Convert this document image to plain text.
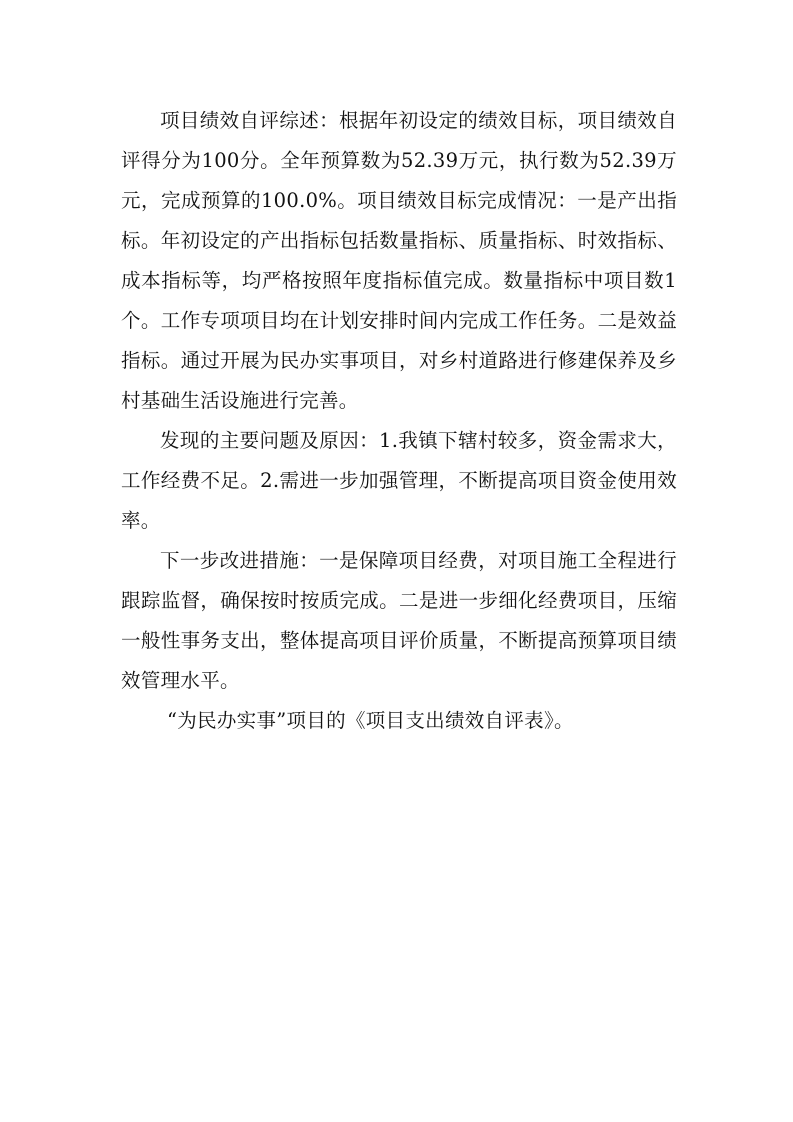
项目绩效自评综述：根据年初设定的绩效目标，项目绩效自评得分为100分。全年预算数为52.39万元，执行数为52.39万元，完成预算的100.0%。项目绩效目标完成情况：一是产出指标。年初设定的产出指标包括数量指标、质量指标、时效指标、成本指标等，均严格按照年度指标值完成。数量指标中项目数1个。工作专项项目均在计划安排时间内完成工作任务。二是效益指标。通过开展为民办实事项目，对乡村道路进行修建保养及乡村基础生活设施进行完善。

发现的主要问题及原因：1.我镇下辖村较多，资金需求大，工作经费不足。2.需进一步加强管理，不断提高项目资金使用效率。

下一步改进措施：一是保障项目经费，对项目施工全程进行跟踪监督，确保按时按质完成。二是进一步细化经费项目，压缩一般性事务支出，整体提高项目评价质量，不断提高预算项目绩效管理水平。

“为民办实事”项目的《项目支出绩效自评表》。
